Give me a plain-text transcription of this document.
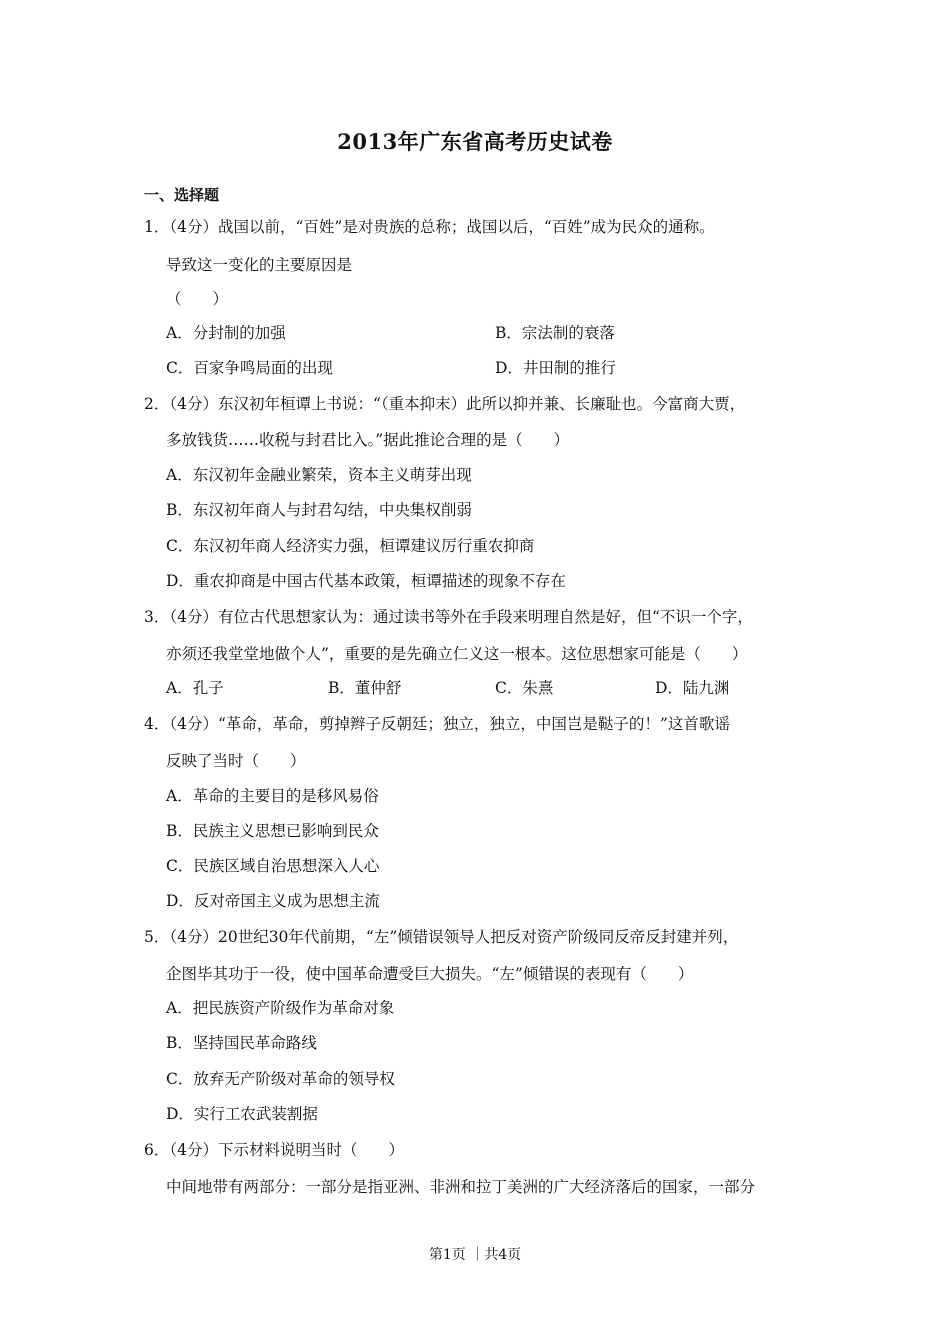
2013年广东省高考历史试卷
一、选择题
1．（4分）战国以前，“百姓”是对贵族的总称；战国以后，“百姓”成为民众的通称。
导致这一变化的主要原因是
（　　）
A．分封制的加强	B．宗法制的衰落
C．百家争鸣局面的出现	D．井田制的推行
2．（4分）东汉初年桓谭上书说：“（重本抑末）此所以抑并兼、长廉耻也。今富商大贾，
多放钱货……收税与封君比入。”据此推论合理的是（　　）
A．东汉初年金融业繁荣，资本主义萌芽出现
B．东汉初年商人与封君勾结，中央集权削弱
C．东汉初年商人经济实力强，桓谭建议厉行重农抑商
D．重农抑商是中国古代基本政策，桓谭描述的现象不存在
3．（4分）有位古代思想家认为：通过读书等外在手段来明理自然是好，但“不识一个字，
亦须还我堂堂地做个人”，重要的是先确立仁义这一根本。这位思想家可能是（　　）
A．孔子	B．董仲舒	C．朱熹	D．陆九渊
4．（4分）“革命，革命，剪掉辫子反朝廷；独立，独立，中国岂是鞑子的！”这首歌谣
反映了当时（　　）
A．革命的主要目的是移风易俗
B．民族主义思想已影响到民众
C．民族区域自治思想深入人心
D．反对帝国主义成为思想主流
5．（4分）20世纪30年代前期，“左”倾错误领导人把反对资产阶级同反帝反封建并列，
企图毕其功于一役，使中国革命遭受巨大损失。“左”倾错误的表现有（　　）
A．把民族资产阶级作为革命对象
B．坚持国民革命路线
C．放弃无产阶级对革命的领导权
D．实行工农武装割据
6．（4分）下示材料说明当时（　　）
中间地带有两部分：一部分是指亚洲、非洲和拉丁美洲的广大经济落后的国家，一部分
第1页 ｜共4页
